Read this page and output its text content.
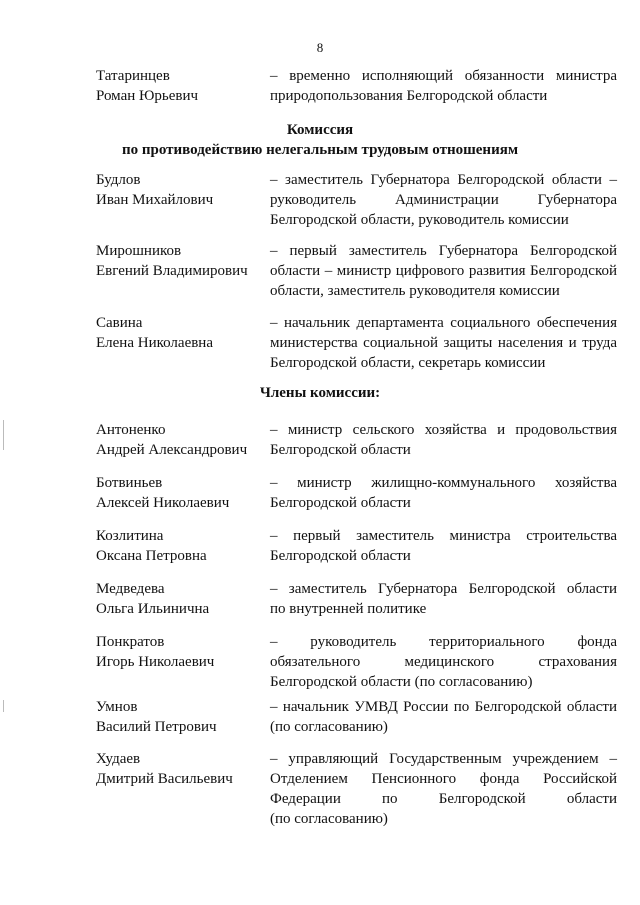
8
Татаринцев
Роман Юрьевич
– временно исполняющий обязанности министра
природопользования Белгородской области
Комиссия
по противодействию нелегальным трудовым отношениям
Будлов
Иван Михайлович
– заместитель Губернатора Белгородской области –
руководитель Администрации Губернатора
Белгородской области, руководитель комиссии
Мирошников
Евгений Владимирович
– первый заместитель Губернатора Белгородской
области – министр цифрового развития Белгородской
области, заместитель руководителя комиссии
Савина
Елена Николаевна
– начальник департамента социального обеспечения
министерства социальной защиты населения и труда
Белгородской области, секретарь комиссии
Члены комиссии:
Антоненко
Андрей Александрович
– министр сельского хозяйства и продовольствия
Белгородской области
Ботвиньев
Алексей Николаевич
– министр жилищно-коммунального хозяйства
Белгородской области
Козлитина
Оксана Петровна
– первый заместитель министра строительства
Белгородской области
Медведева
Ольга Ильинична
– заместитель Губернатора Белгородской области
по внутренней политике
Понкратов
Игорь Николаевич
– руководитель территориального фонда
обязательного медицинского страхования
Белгородской области (по согласованию)
Умнов
Василий Петрович
– начальник УМВД России по Белгородской области
(по согласованию)
Худаев
Дмитрий Васильевич
– управляющий Государственным учреждением –
Отделением Пенсионного фонда Российской
Федерации по Белгородской области
(по согласованию)
